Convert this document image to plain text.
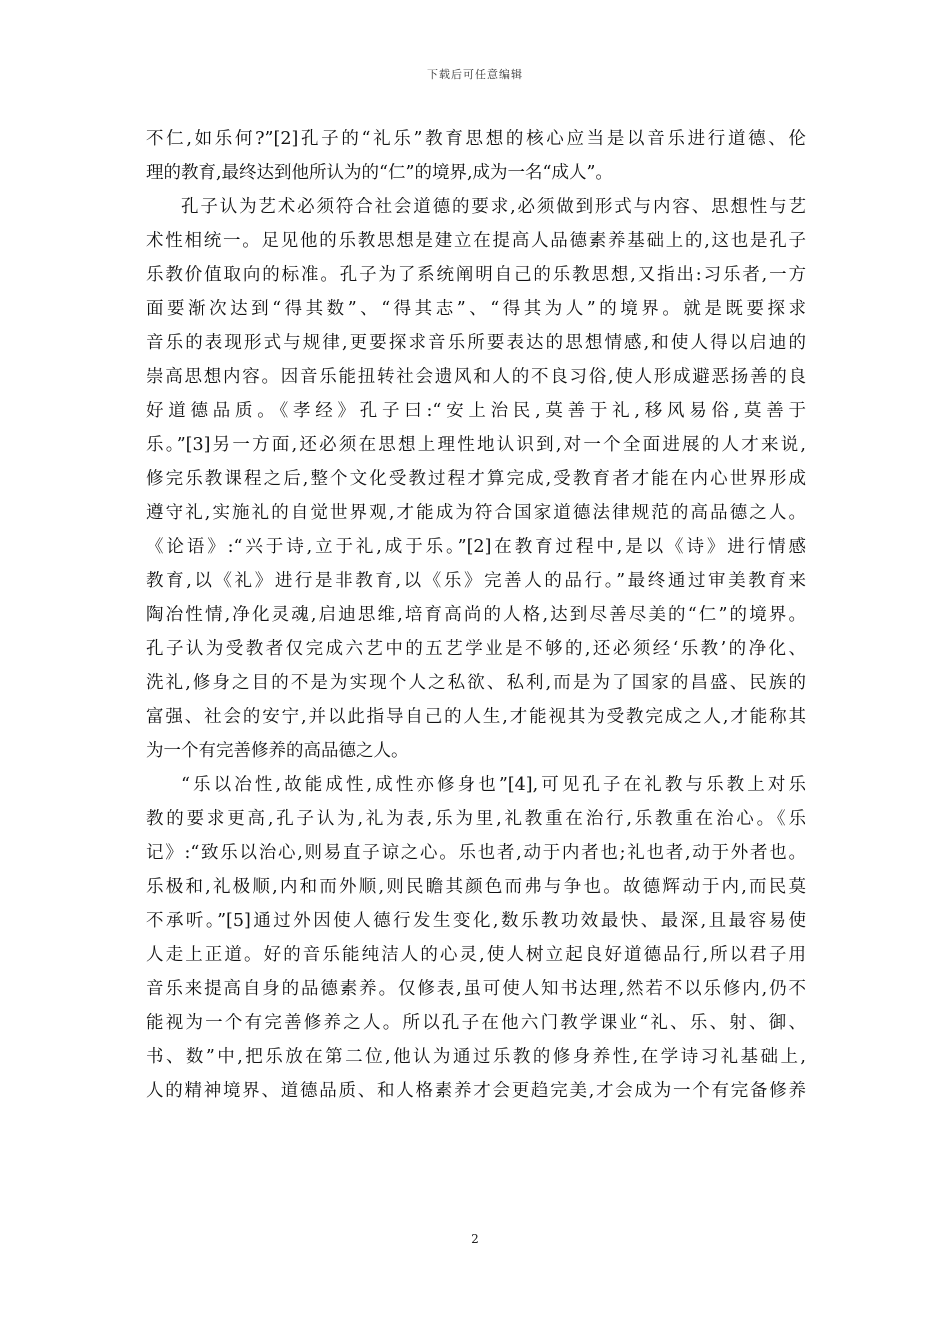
下载后可任意编辑
不仁,如乐何?”[2]孔子的“礼乐”教育思想的核心应当是以音乐进行道德、伦
理的教育,最终达到他所认为的“仁”的境界,成为一名“成人”。
孔子认为艺术必须符合社会道德的要求,必须做到形式与内容、思想性与艺
术性相统一。足见他的乐教思想是建立在提高人品德素养基础上的,这也是孔子
乐教价值取向的标准。孔子为了系统阐明自己的乐教思想,又指出:习乐者,一方
面要渐次达到“得其数”、“得其志”、“得其为人”的境界。就是既要探求
音乐的表现形式与规律,更要探求音乐所要表达的思想情感,和使人得以启迪的
崇高思想内容。因音乐能扭转社会遗风和人的不良习俗,使人形成避恶扬善的良
好道德品质。《孝经》孔子曰:“安上治民,莫善于礼,移风易俗,莫善于
乐。”[3]另一方面,还必须在思想上理性地认识到,对一个全面进展的人才来说,
修完乐教课程之后,整个文化受教过程才算完成,受教育者才能在内心世界形成
遵守礼,实施礼的自觉世界观,才能成为符合国家道德法律规范的高品德之人。
《论语》:“兴于诗,立于礼,成于乐。”[2]在教育过程中,是以《诗》进行情感
教育,以《礼》进行是非教育,以《乐》完善人的品行。”最终通过审美教育来
陶冶性情,净化灵魂,启迪思维,培育高尚的人格,达到尽善尽美的“仁”的境界。
孔子认为受教者仅完成六艺中的五艺学业是不够的,还必须经‘乐教’的净化、
洗礼,修身之目的不是为实现个人之私欲、私利,而是为了国家的昌盛、民族的
富强、社会的安宁,并以此指导自己的人生,才能视其为受教完成之人,才能称其
为一个有完善修养的高品德之人。
“乐以冶性,故能成性,成性亦修身也”[4],可见孔子在礼教与乐教上对乐
教的要求更高,孔子认为,礼为表,乐为里,礼教重在治行,乐教重在治心。《乐
记》:“致乐以治心,则易直子谅之心。乐也者,动于内者也;礼也者,动于外者也。
乐极和,礼极顺,内和而外顺,则民瞻其颜色而弗与争也。故德辉动于内,而民莫
不承听。”[5]通过外因使人德行发生变化,数乐教功效最快、最深,且最容易使
人走上正道。好的音乐能纯洁人的心灵,使人树立起良好道德品行,所以君子用
音乐来提高自身的品德素养。仅修表,虽可使人知书达理,然若不以乐修内,仍不
能视为一个有完善修养之人。所以孔子在他六门教学课业“礼、乐、射、御、
书、数”中,把乐放在第二位,他认为通过乐教的修身养性,在学诗习礼基础上,
人的精神境界、道德品质、和人格素养才会更趋完美,才会成为一个有完备修养
2
